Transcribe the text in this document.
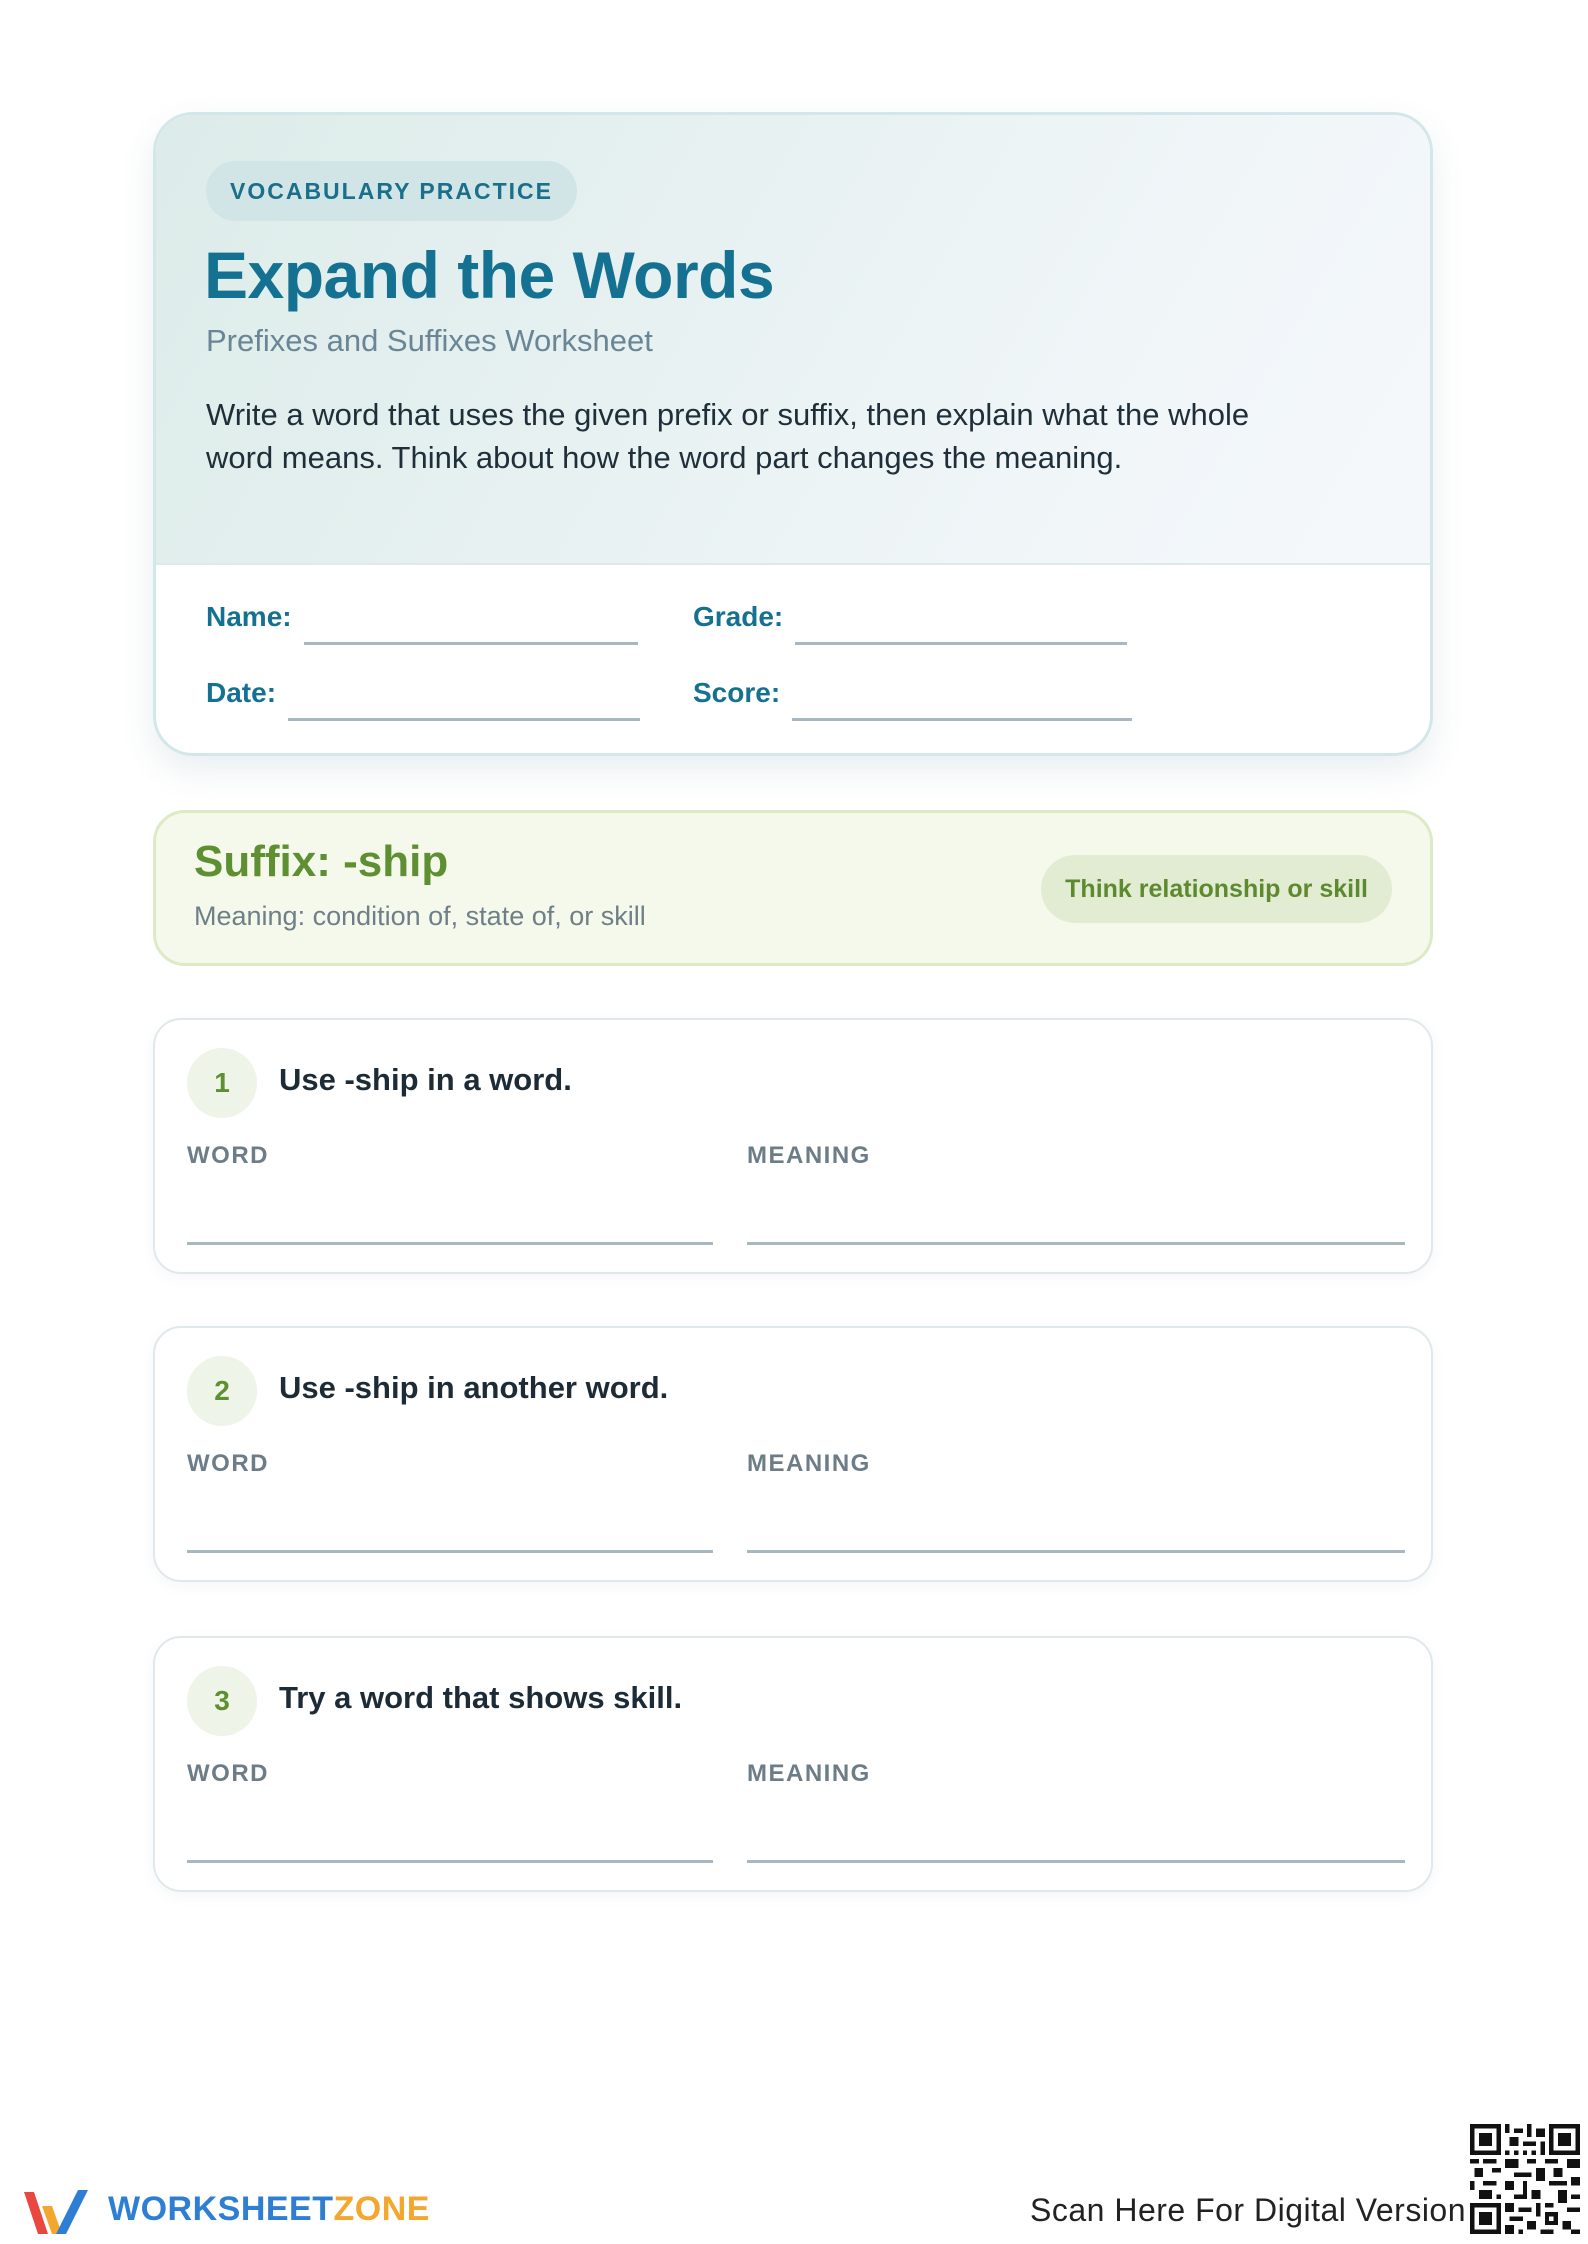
VOCABULARY PRACTICE
Expand the Words
Prefixes and Suffixes Worksheet
Write a word that uses the given prefix or suffix, then explain what the whole word means. Think about how the word part changes the meaning.
Name:	Grade:
Date:	Score:
Suffix: -ship
Meaning: condition of, state of, or skill
Think relationship or skill
1	Use -ship in a word.
WORD	MEANING
2	Use -ship in another word.
WORD	MEANING
3	Try a word that shows skill.
WORD	MEANING
WORKSHEETZONE	Scan Here For Digital Version
